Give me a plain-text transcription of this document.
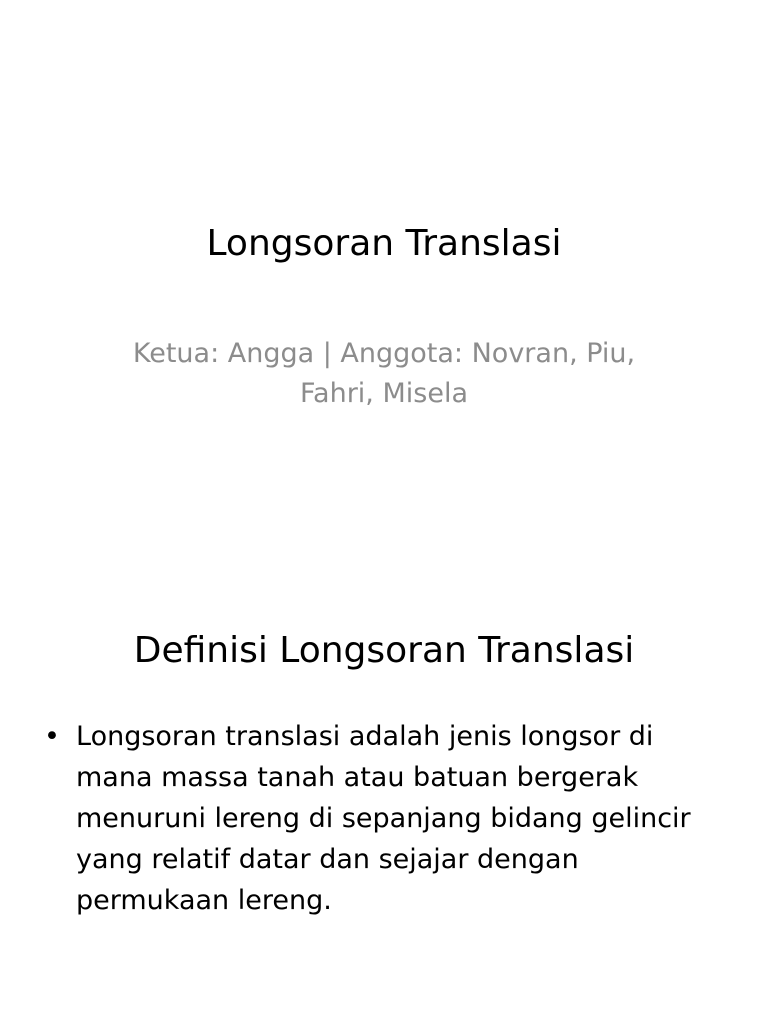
Longsoran Translasi
Ketua: Angga | Anggota: Novran, Piu, Fahri, Misela
Definisi Longsoran Translasi
• Longsoran translasi adalah jenis longsor di mana massa tanah atau batuan bergerak menuruni lereng di sepanjang bidang gelincir yang relatif datar dan sejajar dengan permukaan lereng.
